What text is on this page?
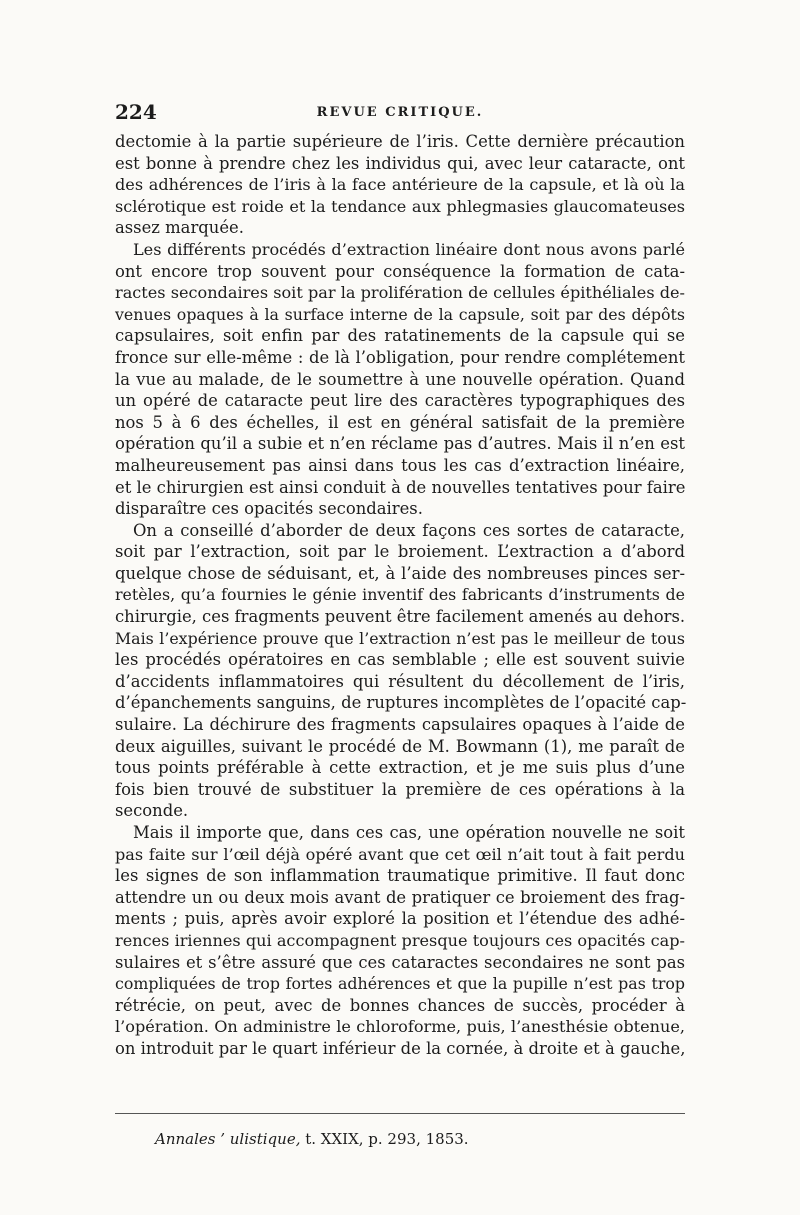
224	REVUE CRITIQUE.
dectomie à la partie supérieure de l’iris. Cette dernière précaution
est bonne à prendre chez les individus qui, avec leur cataracte, ont
des adhérences de l’iris à la face antérieure de la capsule, et là où la
sclérotique est roide et la tendance aux phlegmasies glaucomateuses
assez marquée.
Les différents procédés d’extraction linéaire dont nous avons parlé
ont encore trop souvent pour conséquence la formation de cata-
ractes secondaires soit par la prolifération de cellules épithéliales de-
venues opaques à la surface interne de la capsule, soit par des dépôts
capsulaires, soit enfin par des ratatinements de la capsule qui se
fronce sur elle-même : de là l’obligation, pour rendre complétement
la vue au malade, de le soumettre à une nouvelle opération. Quand
un opéré de cataracte peut lire des caractères typographiques des
nos 5 à 6 des échelles, il est en général satisfait de la première
opération qu’il a subie et n’en réclame pas d’autres. Mais il n’en est
malheureusement pas ainsi dans tous les cas d’extraction linéaire,
et le chirurgien est ainsi conduit à de nouvelles tentatives pour faire
disparaître ces opacités secondaires.
On a conseillé d’aborder de deux façons ces sortes de cataracte,
soit par l’extraction, soit par le broiement. L’extraction a d’abord
quelque chose de séduisant, et, à l’aide des nombreuses pinces ser-
retèles, qu’a fournies le génie inventif des fabricants d’instruments de
chirurgie, ces fragments peuvent être facilement amenés au dehors.
Mais l’expérience prouve que l’extraction n’est pas le meilleur de tous
les procédés opératoires en cas semblable ; elle est souvent suivie
d’accidents inflammatoires qui résultent du décollement de l’iris,
d’épanchements sanguins, de ruptures incomplètes de l’opacité cap-
sulaire. La déchirure des fragments capsulaires opaques à l’aide de
deux aiguilles, suivant le procédé de M. Bowmann (1), me paraît de
tous points préférable à cette extraction, et je me suis plus d’une
fois bien trouvé de substituer la première de ces opérations à la
seconde.
Mais il importe que, dans ces cas, une opération nouvelle ne soit
pas faite sur l’œil déjà opéré avant que cet œil n’ait tout à fait perdu
les signes de son inflammation traumatique primitive. Il faut donc
attendre un ou deux mois avant de pratiquer ce broiement des frag-
ments ; puis, après avoir exploré la position et l’étendue des adhé-
rences iriennes qui accompagnent presque toujours ces opacités cap-
sulaires et s’être assuré que ces cataractes secondaires ne sont pas
compliquées de trop fortes adhérences et que la pupille n’est pas trop
rétrécie, on peut, avec de bonnes chances de succès, procéder à
l’opération. On administre le chloroforme, puis, l’anesthésie obtenue,
on introduit par le quart inférieur de la cornée, à droite et à gauche,
Annales ’ ulistique, t. XXIX, p. 293, 1853.
